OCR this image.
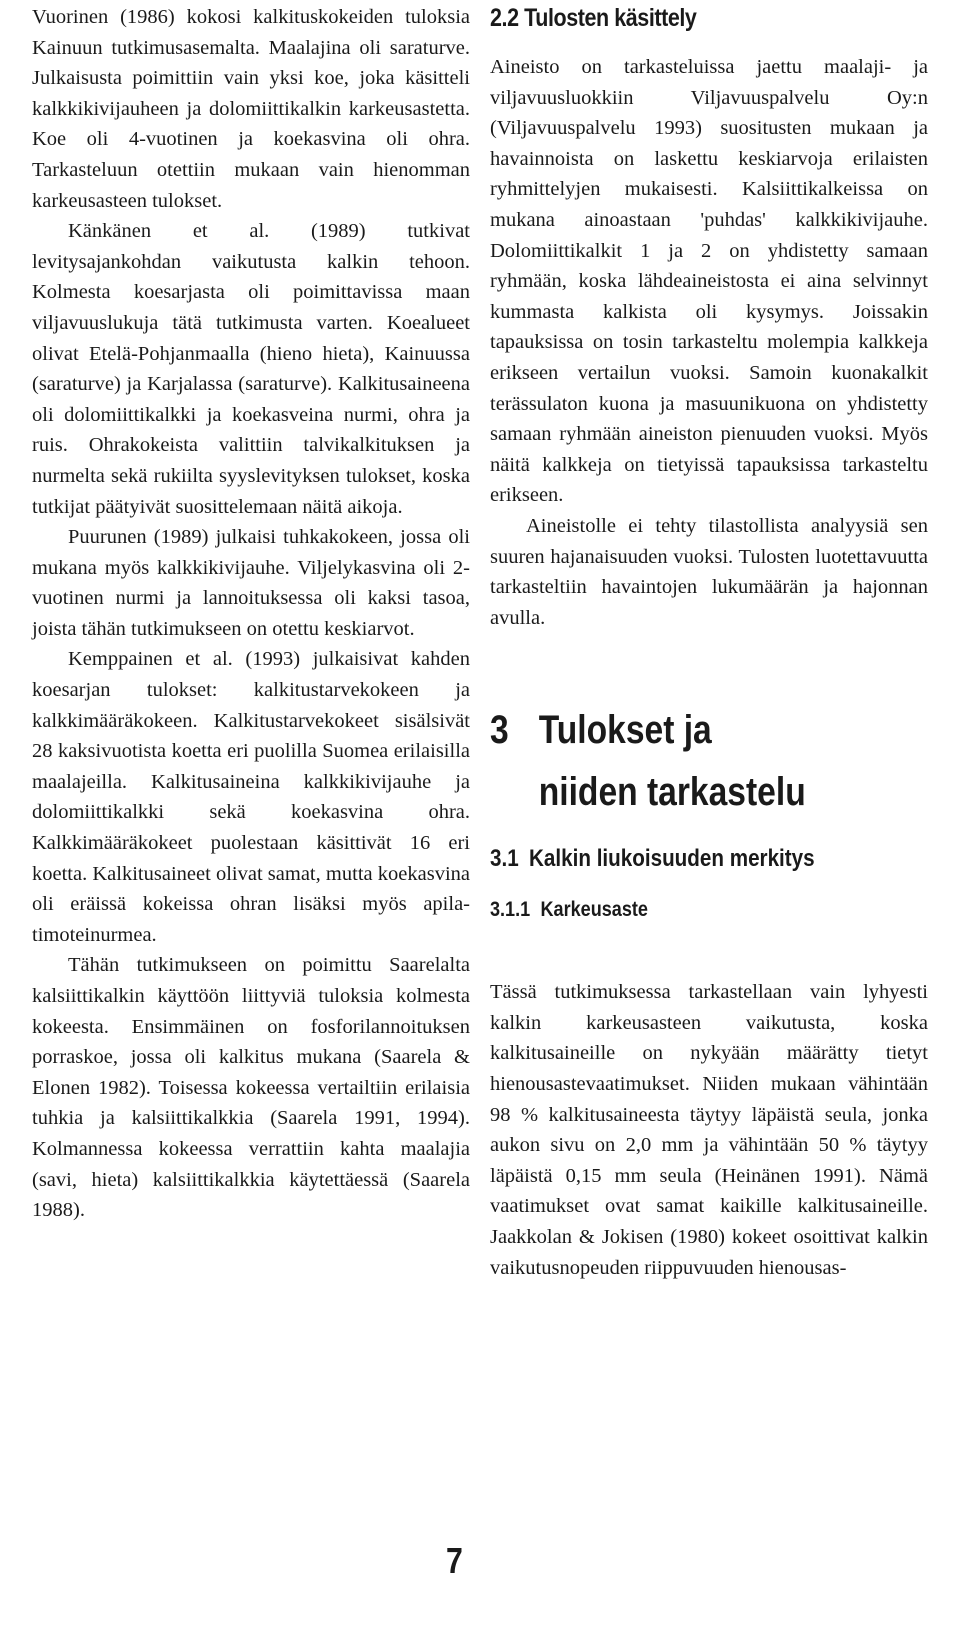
Vuorinen (1986) kokosi kalkituskokeiden tuloksia Kainuun tutkimusasemalta. Maalajina oli saraturve. Julkaisusta poimittiin vain yksi koe, joka käsitteli kalkkikivijauheen ja dolomiittikalkin karkeusastetta. Koe oli 4-vuotinen ja koekasvina oli ohra. Tarkasteluun otettiin mukaan vain hienomman karkeusasteen tulokset.

Känkänen et al. (1989) tutkivat levitysajankohdan vaikutusta kalkin tehoon. Kolmesta koesarjasta oli poimittavissa maan viljavuuslukuja tätä tutkimusta varten. Koealueet olivat Etelä-Pohjanmaalla (hieno hieta), Kainuussa (saraturve) ja Karjalassa (saraturve). Kalkitusaineena oli dolomiittikalkki ja koekasveina nurmi, ohra ja ruis. Ohrakokeista valittiin talvikalkituksen ja nurmelta sekä rukiilta syyslevityksen tulokset, koska tutkijat päätyivät suosittelemaan näitä aikoja.

Puurunen (1989) julkaisi tuhkakokeen, jossa oli mukana myös kalkkikivijauhe. Viljelykasvina oli 2-vuotinen nurmi ja lannoituksessa oli kaksi tasoa, joista tähän tutkimukseen on otettu keskiarvot.

Kemppainen et al. (1993) julkaisivat kahden koesarjan tulokset: kalkitustarvekokeen ja kalkkimääräkokeen. Kalkitustarvekokeet sisälsivät 28 kaksivuotista koetta eri puolilla Suomea erilaisilla maalajeilla. Kalkitusaineina kalkkikivijauhe ja dolomiittikalkki sekä koekasvina ohra. Kalkkimääräkokeet puolestaan käsittivät 16 eri koetta. Kalkitusaineet olivat samat, mutta koekasvina oli eräissä kokeissa ohran lisäksi myös apila-timoteinurmea.

Tähän tutkimukseen on poimittu Saarelalta kalsiittikalkin käyttöön liittyviä tuloksia kolmesta kokeesta. Ensimmäinen on fosforilannoituksen porraskoe, jossa oli kalkitus mukana (Saarela & Elonen 1982). Toisessa kokeessa vertailtiin erilaisia tuhkia ja kalsiittikalkkia (Saarela 1991, 1994). Kolmannessa kokeessa verrattiin kahta maalajia (savi, hieta) kalsiittikalkkia käytettäessä (Saarela 1988).

2.2 Tulosten käsittely

Aineisto on tarkasteluissa jaettu maalaji- ja viljavuusluokkiin Viljavuuspalvelu Oy:n (Viljavuuspalvelu 1993) suositusten mukaan ja havainnoista on laskettu keskiarvoja erilaisten ryhmittelyjen mukaisesti. Kalsiittikalkeissa on mukana ainoastaan 'puhdas' kalkkikivijauhe. Dolomiittikalkit 1 ja 2 on yhdistetty samaan ryhmään, koska lähdeaineistosta ei aina selvinnyt kummasta kalkista oli kysymys. Joissakin tapauksissa on tosin tarkasteltu molempia kalkkeja erikseen vertailun vuoksi. Samoin kuonakalkit terässulaton kuona ja masuunikuona on yhdistetty samaan ryhmään aineiston pienuuden vuoksi. Myös näitä kalkkeja on tietyissä tapauksissa tarkasteltu erikseen.

Aineistolle ei tehty tilastollista analyysiä sen suuren hajanaisuuden vuoksi. Tulosten luotettavuutta tarkasteltiin havaintojen lukumäärän ja hajonnan avulla.

3 Tulokset ja
niiden tarkastelu
3.1 Kalkin liukoisuuden merkitys
3.1.1 Karkeusaste

Tässä tutkimuksessa tarkastellaan vain lyhyesti kalkin karkeusasteen vaikutusta, koska kalkitusaineille on nykyään määrätty tietyt hienousastevaatimukset. Niiden mukaan vähintään 98 % kalkitusaineesta täytyy läpäistä seula, jonka aukon sivu on 2,0 mm ja vähintään 50 % täytyy läpäistä 0,15 mm seula (Heinänen 1991). Nämä vaatimukset ovat samat kaikille kalkitusaineille. Jaakkolan & Jokisen (1980) kokeet osoittivat kalkin vaikutusnopeuden riippuvuuden hienousas-

7
